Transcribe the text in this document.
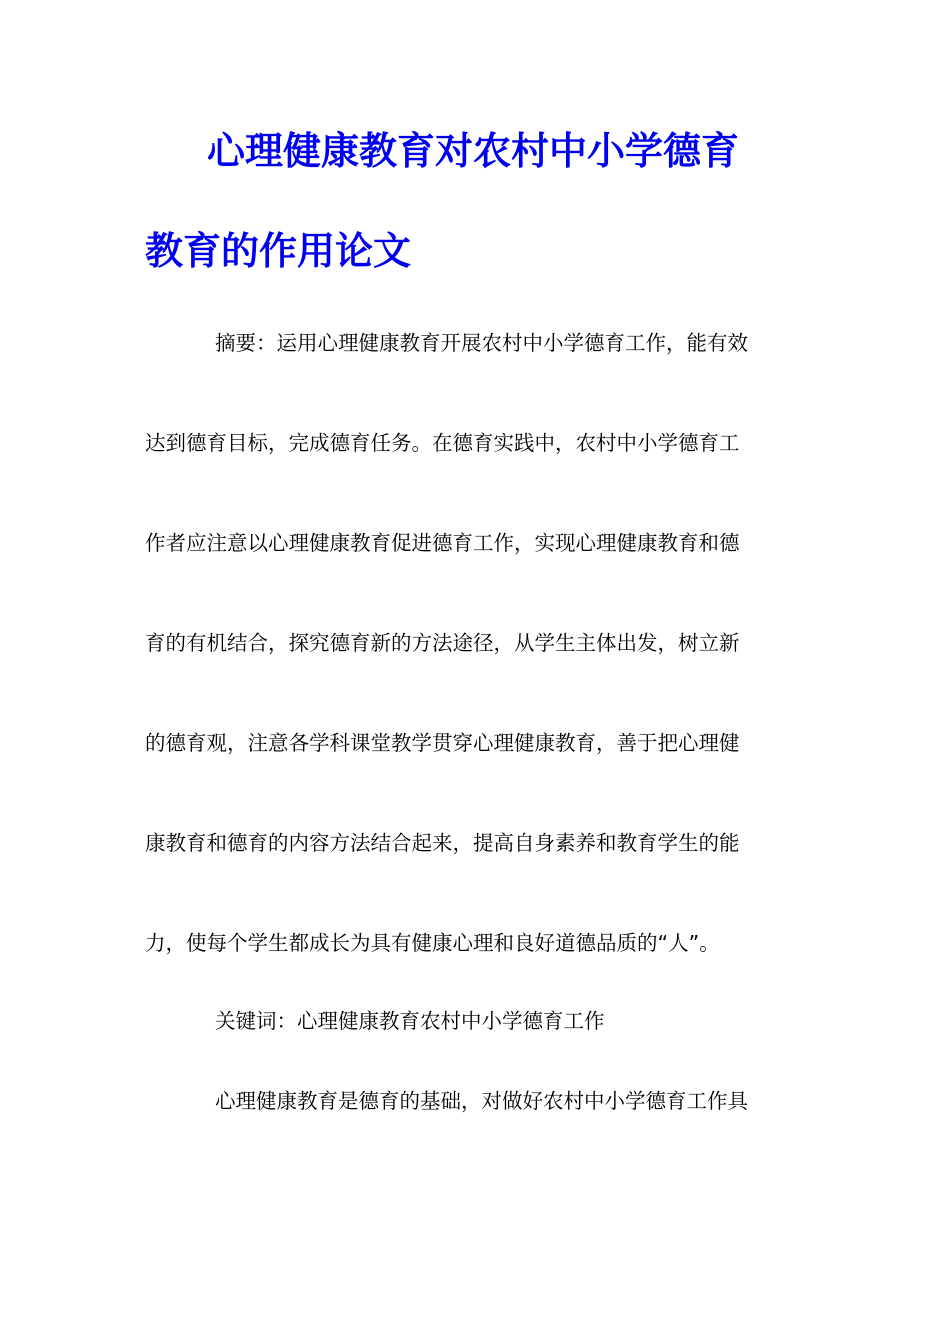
心理健康教育对农村中小学德育
教育的作用论文
摘要：运用心理健康教育开展农村中小学德育工作，能有效
达到德育目标，完成德育任务。在德育实践中，农村中小学德育工
作者应注意以心理健康教育促进德育工作，实现心理健康教育和德
育的有机结合，探究德育新的方法途径，从学生主体出发，树立新
的德育观，注意各学科课堂教学贯穿心理健康教育，善于把心理健
康教育和德育的内容方法结合起来，提高自身素养和教育学生的能
力，使每个学生都成长为具有健康心理和良好道德品质的“人”。
关键词：心理健康教育农村中小学德育工作
心理健康教育是德育的基础，对做好农村中小学德育工作具
